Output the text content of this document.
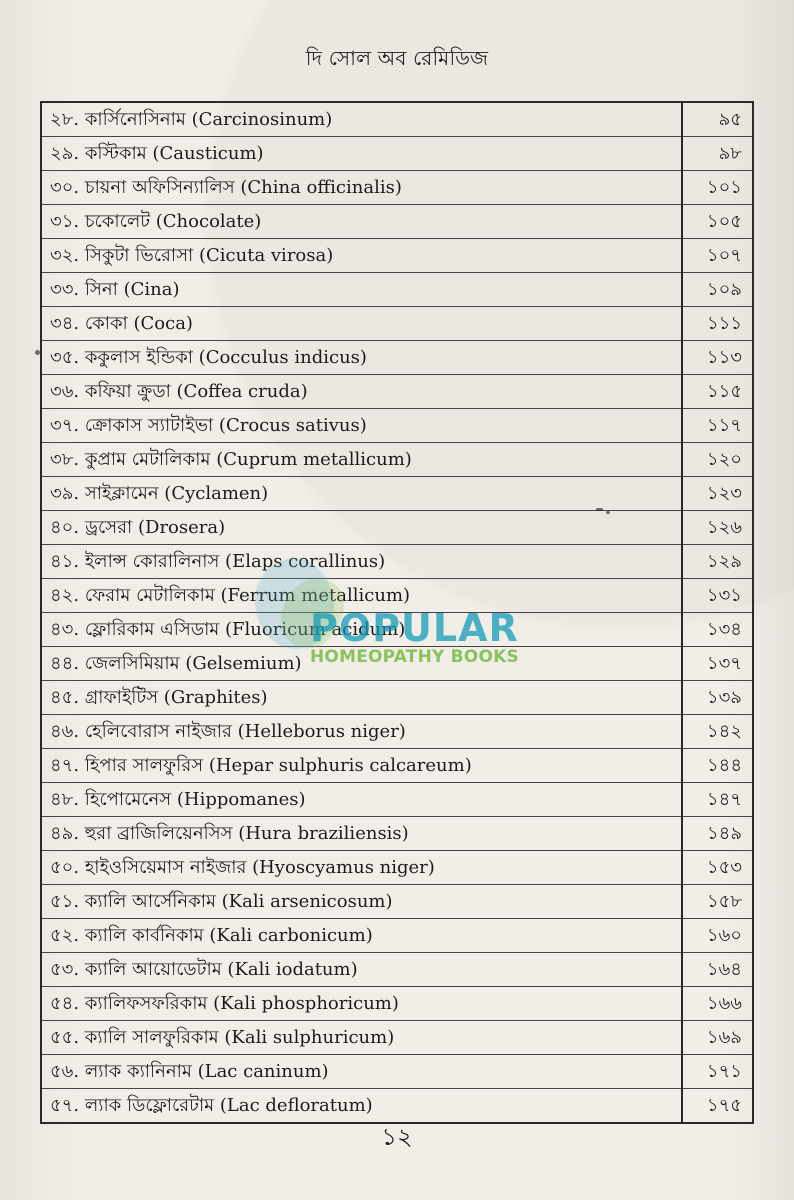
দি সোল অব রেমিডিজ
২৮. কার্সিনোসিনাম (Carcinosinum)	৯৫
২৯. কস্টিকাম (Causticum)	৯৮
৩০. চায়না অফিসিন্যালিস (China officinalis)	১০১
৩১. চকোলেট (Chocolate)	১০৫
৩২. সিকুটা ভিরোসা (Cicuta virosa)	১০৭
৩৩. সিনা (Cina)	১০৯
৩৪. কোকা (Coca)	১১১
৩৫. ককুলাস ইন্ডিকা (Cocculus indicus)	১১৩
৩৬. কফিয়া ক্রুডা (Coffea cruda)	১১৫
৩৭. ক্রোকাস স্যাটাইভা (Crocus sativus)	১১৭
৩৮. কুপ্রাম মেটালিকাম (Cuprum metallicum)	১২০
৩৯. সাইক্লামেন (Cyclamen)	১২৩
৪০. ড্রসেরা (Drosera)	১২৬
৪১. ইলান্স কোরালিনাস (Elaps corallinus)	১২৯
৪২. ফেরাম মেটালিকাম (Ferrum metallicum)	১৩১
৪৩. ফ্লোরিকাম এসিডাম (Fluoricum acidum)	১৩৪
৪৪. জেলসিমিয়াম (Gelsemium)	১৩৭
৪৫. গ্রাফাইটিস (Graphites)	১৩৯
৪৬. হেলিবোরাস নাইজার (Helleborus niger)	১৪২
৪৭. হিপার সালফুরিস (Hepar sulphuris calcareum)	১৪৪
৪৮. হিপোমেনেস (Hippomanes)	১৪৭
৪৯. হুরা ব্রাজিলিয়েনসিস (Hura braziliensis)	১৪৯
৫০. হাইওসিয়েমাস নাইজার (Hyoscyamus niger)	১৫৩
৫১. ক্যালি আর্সেনিকাম (Kali arsenicosum)	১৫৮
৫২. ক্যালি কার্বনিকাম (Kali carbonicum)	১৬০
৫৩. ক্যালি আয়োডেটাম (Kali iodatum)	১৬৪
৫৪. ক্যালিফসফরিকাম (Kali phosphoricum)	১৬৬
৫৫. ক্যালি সালফুরিকাম (Kali sulphuricum)	১৬৯
৫৬. ল্যাক ক্যানিনাম (Lac caninum)	১৭১
৫৭. ল্যাক ডিফ্লোরেটাম (Lac defloratum)	১৭৫
POPULAR
HOMEOPATHY BOOKS
১২
